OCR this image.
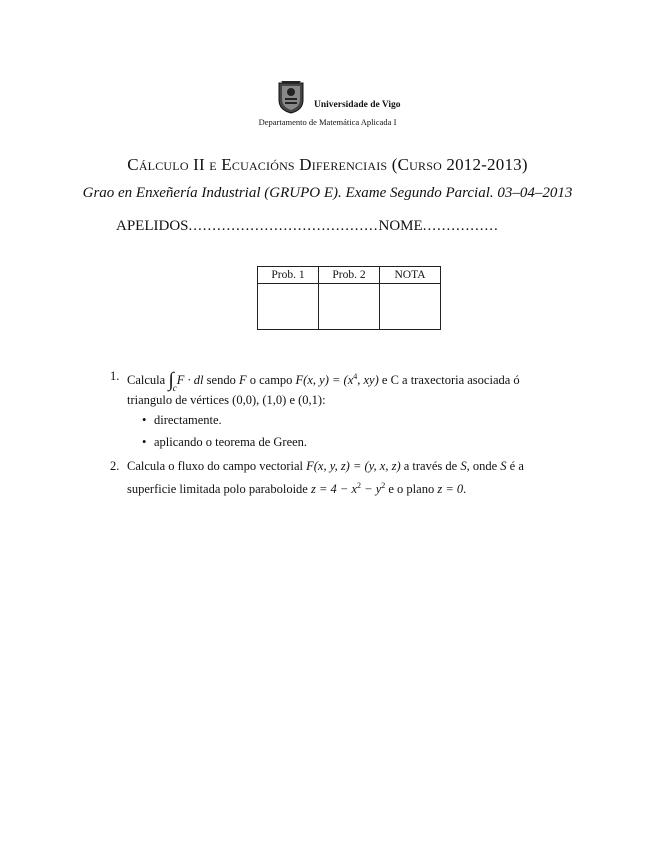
Universidade de Vigo
Departamento de Matemática Aplicada I
Cálculo II e Ecuacións Diferenciais (Curso 2012-2013)
Grao en Enxeñería Industrial (GRUPO E). Exame Segundo Parcial. 03–04–2013
APELIDOS........................................NOME................
Prob. 1	Prob. 2	NOTA

1. Calcula $\int_cF$ · dl sendo F o campo F(x, $y) = (x^4$, xy) e C a traxectoria asociada ó
triangulo de vértices (0,0), (1,0) e (0,1):
• directamente.
• aplicando o teorema de Green.
2. Calcula o fluxo do campo vectorial F(x, y, z) = (y, x, z) a través de S, onde S é a
superficie limitada polo paraboloide $z = 4 - x^2 - y^2$ e o plano z = 0.
